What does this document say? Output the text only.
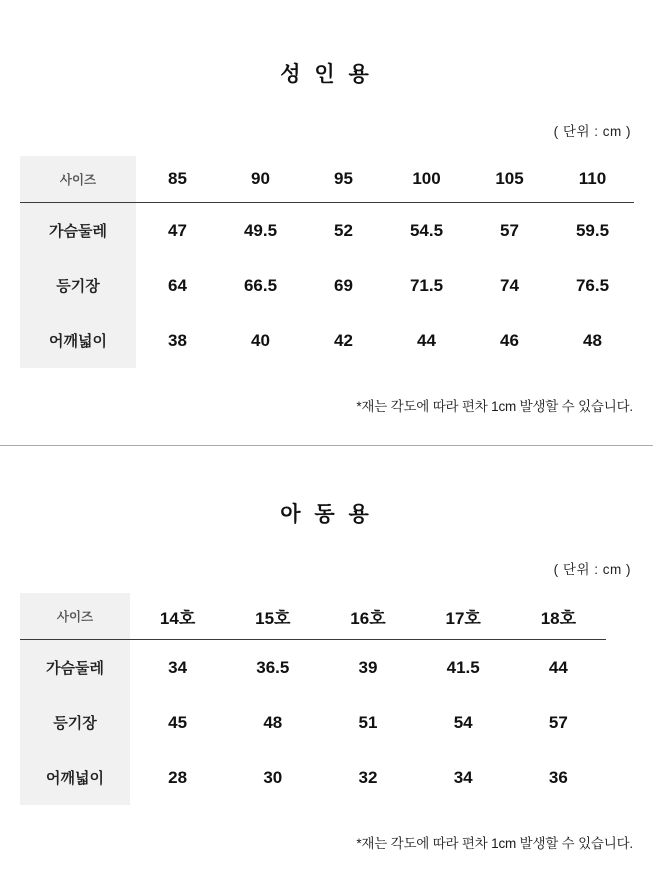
성 인 용

( 단위 : cm )

사이즈	85	90	95	100	105	110
가슴둘레	47	49.5	52	54.5	57	59.5
등기장	64	66.5	69	71.5	74	76.5
어깨넓이	38	40	42	44	46	48

*재는 각도에 따라 편차 1cm 발생할 수 있습니다.

아 동 용

( 단위 : cm )

사이즈	14호	15호	16호	17호	18호
가슴둘레	34	36.5	39	41.5	44
등기장	45	48	51	54	57
어깨넓이	28	30	32	34	36

*재는 각도에 따라 편차 1cm 발생할 수 있습니다.
